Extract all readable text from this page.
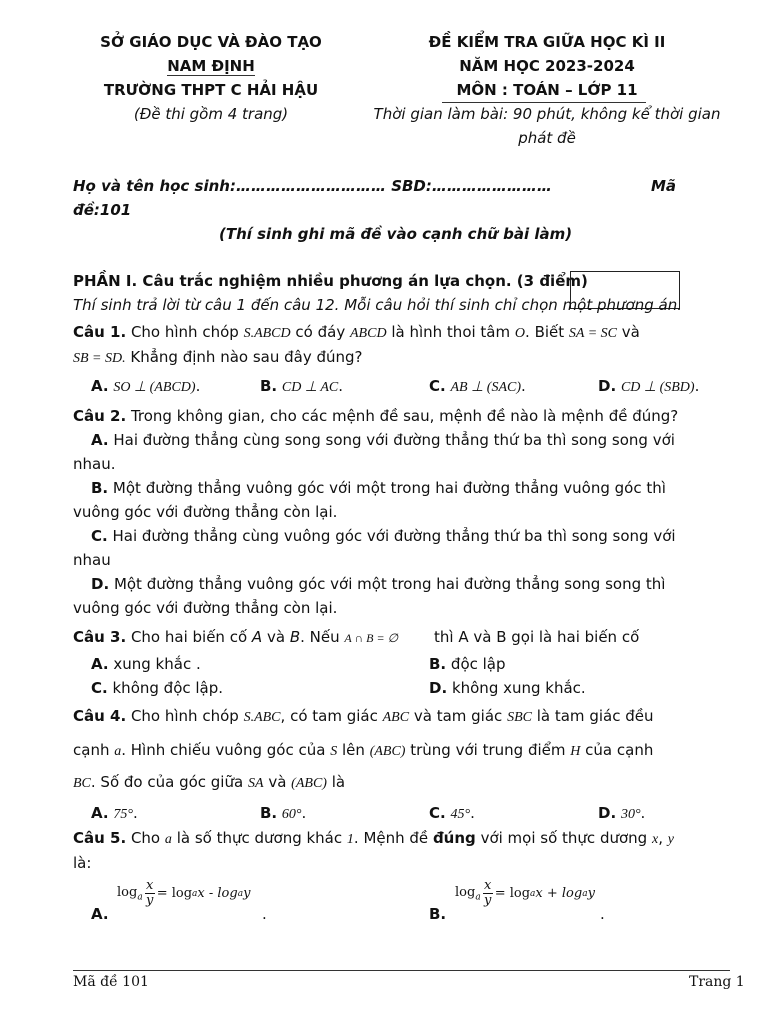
SỞ GIÁO DỤC VÀ ĐÀO TẠO
NAM ĐỊNH
TRƯỜNG THPT C HẢI HẬU
(Đề thi gồm 4 trang)
ĐỀ KIỂM TRA GIỮA HỌC KÌ II
NĂM HỌC 2023-2024
MÔN : TOÁN – LỚP 11
Thời gian làm bài: 90 phút, không kể thời gian
phát đề
Họ và tên học sinh:………………………… SBD:……………………	Mã
đề:101
(Thí sinh ghi mã đề vào cạnh chữ bài làm)
PHẦN I. Câu trắc nghiệm nhiều phương án lựa chọn. (3 điểm)
Thí sinh trả lời từ câu 1 đến câu 12. Mỗi câu hỏi thí sinh chỉ chọn một phương án.
Câu 1. Cho hình chóp S.ABCD có đáy ABCD là hình thoi tâm O. Biết SA = SC và
SB = SD. Khẳng định nào sau đây đúng?
A. SO ⊥ (ABCD).	B. CD ⊥ AC.	C. AB ⊥ (SAC).	D. CD ⊥ (SBD).
Câu 2. Trong không gian, cho các mệnh đề sau, mệnh đề nào là mệnh đề đúng?
A. Hai đường thẳng cùng song song với đường thẳng thứ ba thì song song với
nhau.
B. Một đường thẳng vuông góc với một trong hai đường thẳng vuông góc thì
vuông góc với đường thẳng còn lại.
C. Hai đường thẳng cùng vuông góc với đường thẳng thứ ba thì song song với
nhau
D. Một đường thẳng vuông góc với một trong hai đường thẳng song song thì
vuông góc với đường thẳng còn lại.
Câu 3. Cho hai biến cố A và B. Nếu A ∩ B = ∅ thì A và B gọi là hai biến cố
A. xung khắc .	B. độc lập
C. không độc lập.	D. không xung khắc.
Câu 4. Cho hình chóp S.ABC, có tam giác ABC và tam giác SBC là tam giác đều
cạnh a. Hình chiếu vuông góc của S lên (ABC) trùng với trung điểm H của cạnh
BC. Số đo của góc giữa SA và (ABC) là
A. 75°.	B. 60°.	C. 45°.	D. 30°.
Câu 5. Cho a là số thực dương khác 1. Mệnh đề đúng với mọi số thực dương x, y
là:
A.
$\log_a$
x
y = log a x - log a y
.	B.
$\log_a$
x
y = log a x + log a y
.
Mã đề 101	Trang 1
